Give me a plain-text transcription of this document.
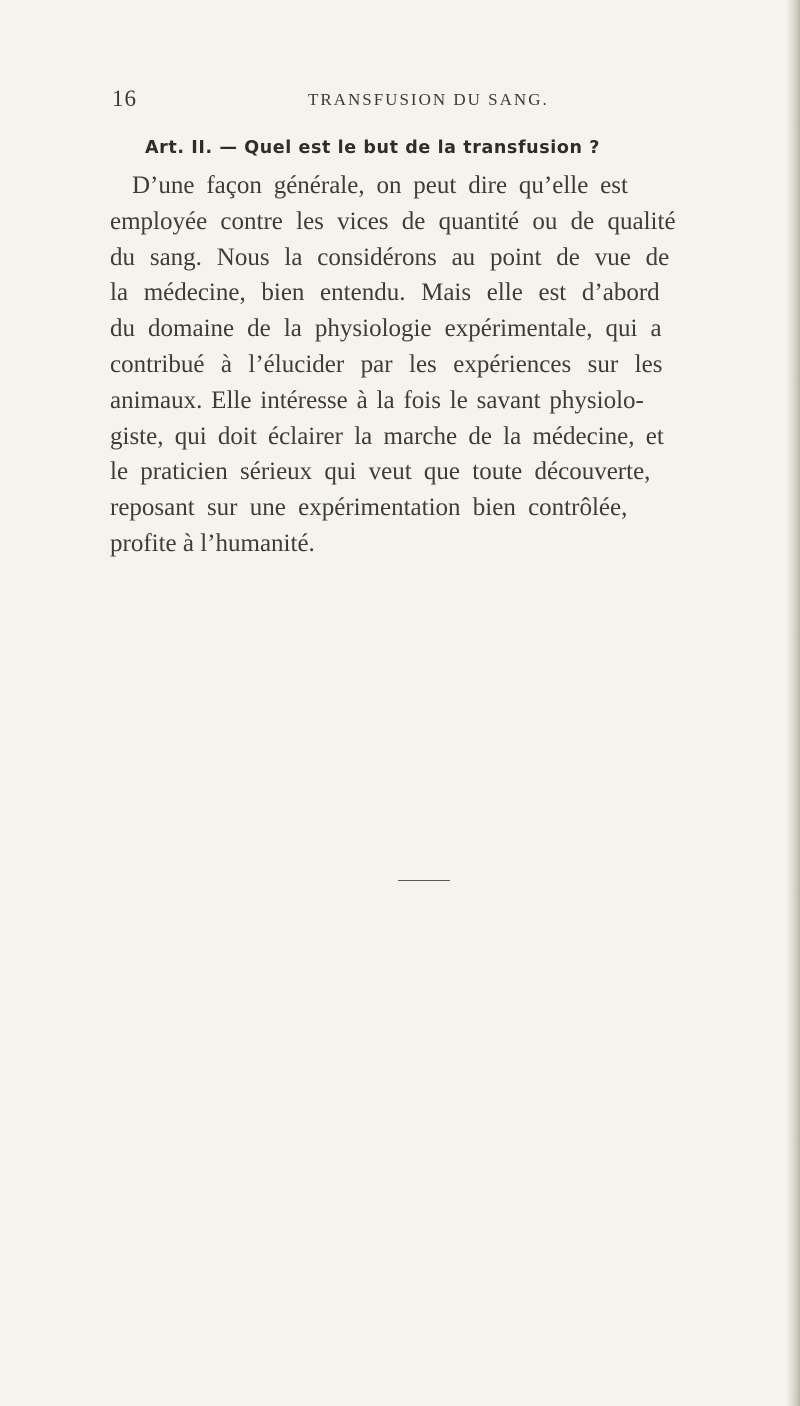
16	TRANSFUSION DU SANG.
Art. II. — Quel est le but de la transfusion ?
D’une façon générale, on peut dire qu’elle est
employée contre les vices de quantité ou de qualité
du sang. Nous la considérons au point de vue de
la médecine, bien entendu. Mais elle est d’abord
du domaine de la physiologie expérimentale, qui a
contribué à l’élucider par les expériences sur les
animaux. Elle intéresse à la fois le savant physiolo-
giste, qui doit éclairer la marche de la médecine, et
le praticien sérieux qui veut que toute découverte,
reposant sur une expérimentation bien contrôlée,
profite à l’humanité.
